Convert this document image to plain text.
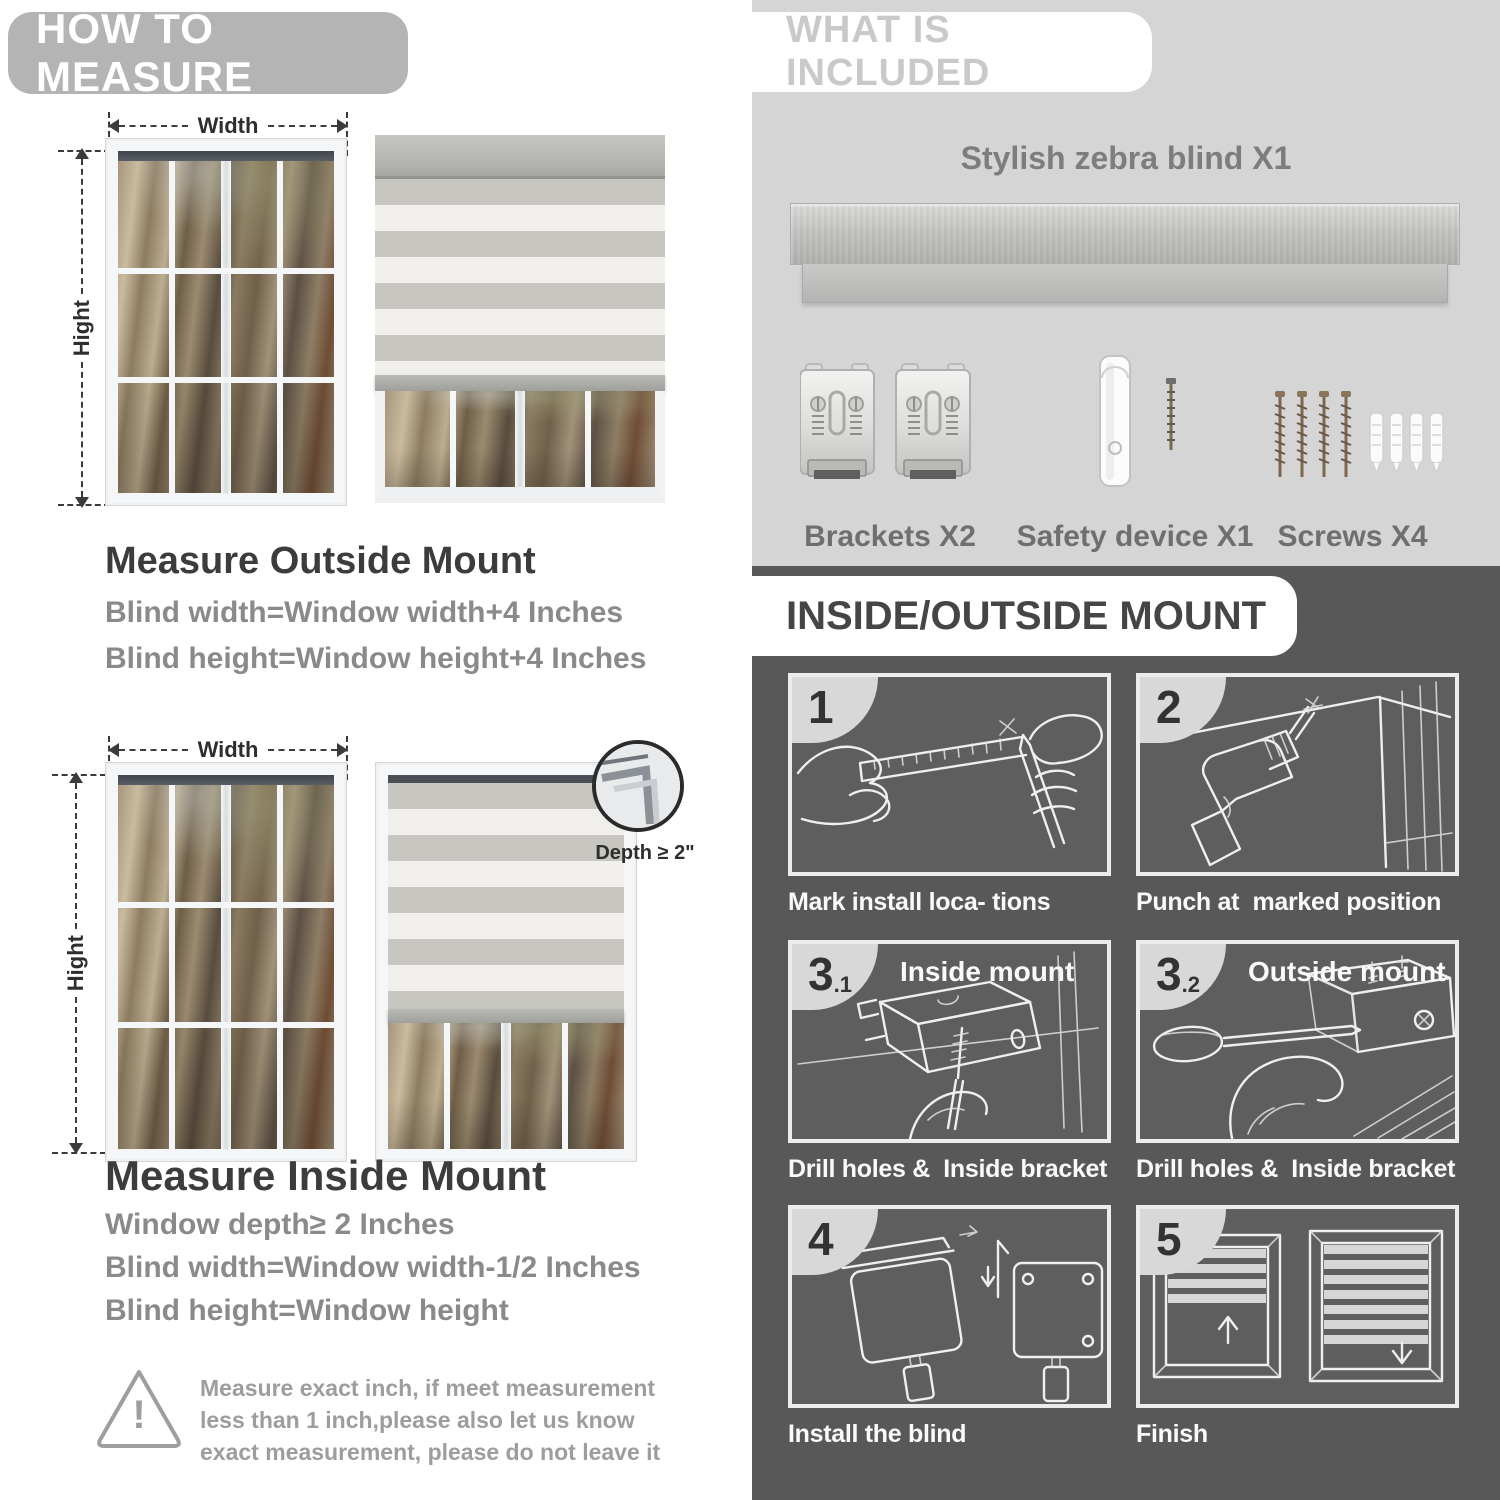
HOW TO MEASURE
Width
Hight
Measure Outside Mount
Blind width=Window width+4 Inches
Blind height=Window height+4 Inches
Width
Hight
Depth ≥ 2"
Measure Inside Mount
Window depth≥ 2 Inches
Blind width=Window width-1/2 Inches
Blind height=Window height
!
Measure exact inch, if meet measurement less than 1 inch,please also let us know exact measurement, please do not leave it
WHAT IS INCLUDED
Stylish zebra blind X1
Brackets X2	Safety device X1 Screws X4
INSIDE/OUTSIDE MOUNT
1
Mark install loca- tions
2
Punch at  marked position
3 .1 Inside mount
Drill holes &  Inside bracket
3 .2 Outside mount
Drill holes &  Inside bracket
4
Install the blind
5
Finish
